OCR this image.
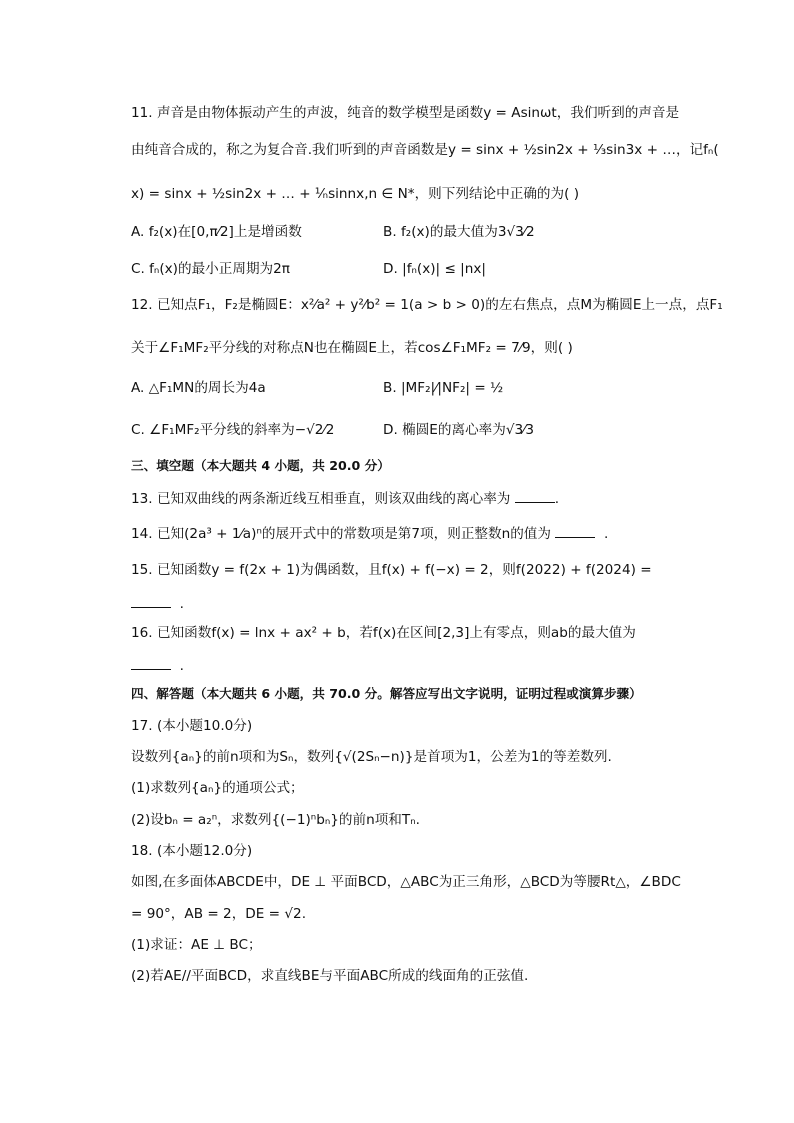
11. 声音是由物体振动产生的声波，纯音的数学模型是函数y = Asinωt，我们听到的声音是
由纯音合成的，称之为复合音.我们听到的声音函数是y = sinx + ½sin2x + ⅓sin3x + …，记fₙ(
x) = sinx + ½sin2x + … + ¹⁄ₙsinnx,n ∈ N*，则下列结论中正确的为( )
A. f₂(x)在[0,π⁄2]上是增函数	B. f₂(x)的最大值为3√3⁄2
C. fₙ(x)的最小正周期为2π	D. |fₙ(x)| ≤ |nx|
12. 已知点F₁，F₂是椭圆E：x²⁄a² + y²⁄b² = 1(a > b > 0)的左右焦点，点M为椭圆E上一点，点F₁
关于∠F₁MF₂平分线的对称点N也在椭圆E上，若cos∠F₁MF₂ = 7⁄9，则( )
A. △F₁MN的周长为4a	B. |MF₂|⁄|NF₂| = ½
C. ∠F₁MF₂平分线的斜率为−√2⁄2	D. 椭圆E的离心率为√3⁄3
三、填空题（本大题共 4 小题，共 20.0 分）
13. 已知双曲线的两条渐近线互相垂直，则该双曲线的离心率为	.
14. 已知(2a³ + 1⁄a)ⁿ的展开式中的常数项是第7项，则正整数n的值为	.
15. 已知函数y = f(2x + 1)为偶函数，且f(x) + f(−x) = 2，则f(2022) + f(2024) =
.
16. 已知函数f(x) = lnx + ax² + b，若f(x)在区间[2,3]上有零点，则ab的最大值为
.
四、解答题（本大题共 6 小题，共 70.0 分。解答应写出文字说明，证明过程或演算步骤）
17. (本小题10.0分)
设数列{aₙ}的前n项和为Sₙ，数列{√(2Sₙ−n)}是首项为1，公差为1的等差数列.
(1)求数列{aₙ}的通项公式；
(2)设bₙ = a₂ⁿ，求数列{(−1)ⁿbₙ}的前n项和Tₙ.
18. (本小题12.0分)
如图,在多面体ABCDE中，DE ⊥ 平面BCD，△ABC为正三角形，△BCD为等腰Rt△，∠BDC
= 90°，AB = 2，DE = √2.
(1)求证：AE ⊥ BC；
(2)若AE//平面BCD，求直线BE与平面ABC所成的线面角的正弦值.
